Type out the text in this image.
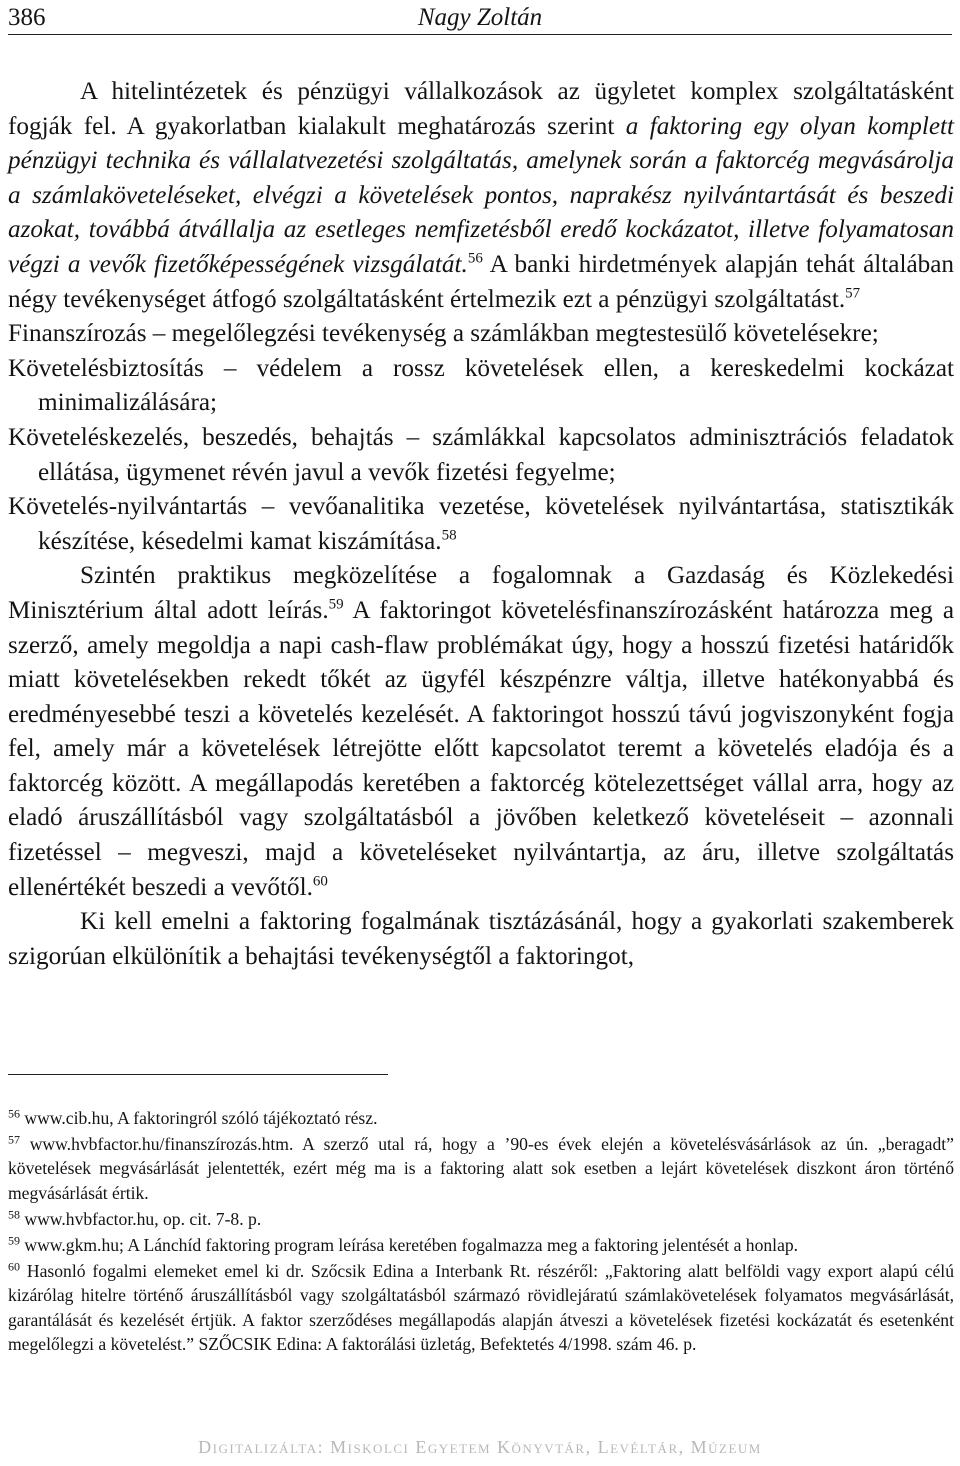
386	Nagy Zoltán

A hitelintézetek és pénzügyi vállalkozások az ügyletet komplex szolgáltatásként fogják fel. A gyakorlatban kialakult meghatározás szerint a faktoring egy olyan komplett pénzügyi technika és vállalatvezetési szolgáltatás, amelynek során a faktorcég megvásárolja a számlaköveteléseket, elvégzi a követelések pontos, naprakész nyilvántartását és beszedi azokat, továbbá átvállalja az esetleges nemfizetésből eredő kockázatot, illetve folyamatosan végzi a vevők fizetőképességének vizsgálatát.$^{56}$ A banki hirdetmények alapján tehát általában négy tevékenységet átfogó szolgáltatásként értelmezik ezt a pénzügyi szolgáltatást.$^{57}$

Finanszírozás – megelőlegzési tevékenység a számlákban megtestesülő követelésekre;

Követelésbiztosítás – védelem a rossz követelések ellen, a kereskedelmi kockázat minimalizálására;

Követeléskezelés, beszedés, behajtás – számlákkal kapcsolatos adminisztrációs feladatok ellátása, ügymenet révén javul a vevők fizetési fegyelme;

Követelés-nyilvántartás – vevőanalitika vezetése, követelések nyilvántartása, statisztikák készítése, késedelmi kamat kiszámítása.$^{58}$

Szintén praktikus megközelítése a fogalomnak a Gazdaság és Közlekedési Minisztérium által adott leírás.$^{59}$ A faktoringot követelésfinanszírozásként határozza meg a szerző, amely megoldja a napi cash-flaw problémákat úgy, hogy a hosszú fizetési határidők miatt követelésekben rekedt tőkét az ügyfél készpénzre váltja, illetve hatékonyabbá és eredményesebbé teszi a követelés kezelését. A faktoringot hosszú távú jogviszonyként fogja fel, amely már a követelések létrejötte előtt kapcsolatot teremt a követelés eladója és a faktorcég között. A megállapodás keretében a faktorcég kötelezettséget vállal arra, hogy az eladó áruszállításból vagy szolgáltatásból a jövőben keletkező követeléseit – azonnali fizetéssel – megveszi, majd a követeléseket nyilvántartja, az áru, illetve szolgáltatás ellenértékét beszedi a vevőtől.$^{60}$

Ki kell emelni a faktoring fogalmának tisztázásánál, hogy a gyakorlati szakemberek szigorúan elkülönítik a behajtási tevékenységtől a faktoringot,

$^{56}$ www.cib.hu, A faktoringról szóló tájékoztató rész.

$^{57}$ www.hvbfactor.hu/finanszírozás.htm. A szerző utal rá, hogy a ’90-es évek elején a követelésvásárlások az ún. „beragadt” követelések megvásárlását jelentették, ezért még ma is a faktoring alatt sok esetben a lejárt követelések diszkont áron történő megvásárlását értik.

$^{58}$ www.hvbfactor.hu, op. cit. 7-8. p.

$^{59}$ www.gkm.hu; A Lánchíd faktoring program leírása keretében fogalmazza meg a faktoring jelentését a honlap.

$^{60}$ Hasonló fogalmi elemeket emel ki dr. Szőcsik Edina a Interbank Rt. részéről: „Faktoring alatt belföldi vagy export alapú célú kizárólag hitelre történő áruszállításból vagy szolgáltatásból származó rövidlejáratú számlakövetelések folyamatos megvásárlását, garantálását és kezelését értjük. A faktor szerződéses megállapodás alapján átveszi a követelések fizetési kockázatát és esetenként megelőlegzi a követelést.” SZŐCSIK Edina: A faktorálási üzletág, Befektetés 4/1998. szám 46. p.

Digitalizálta: Miskolci Egyetem Könyvtár, Levéltár, Múzeum
